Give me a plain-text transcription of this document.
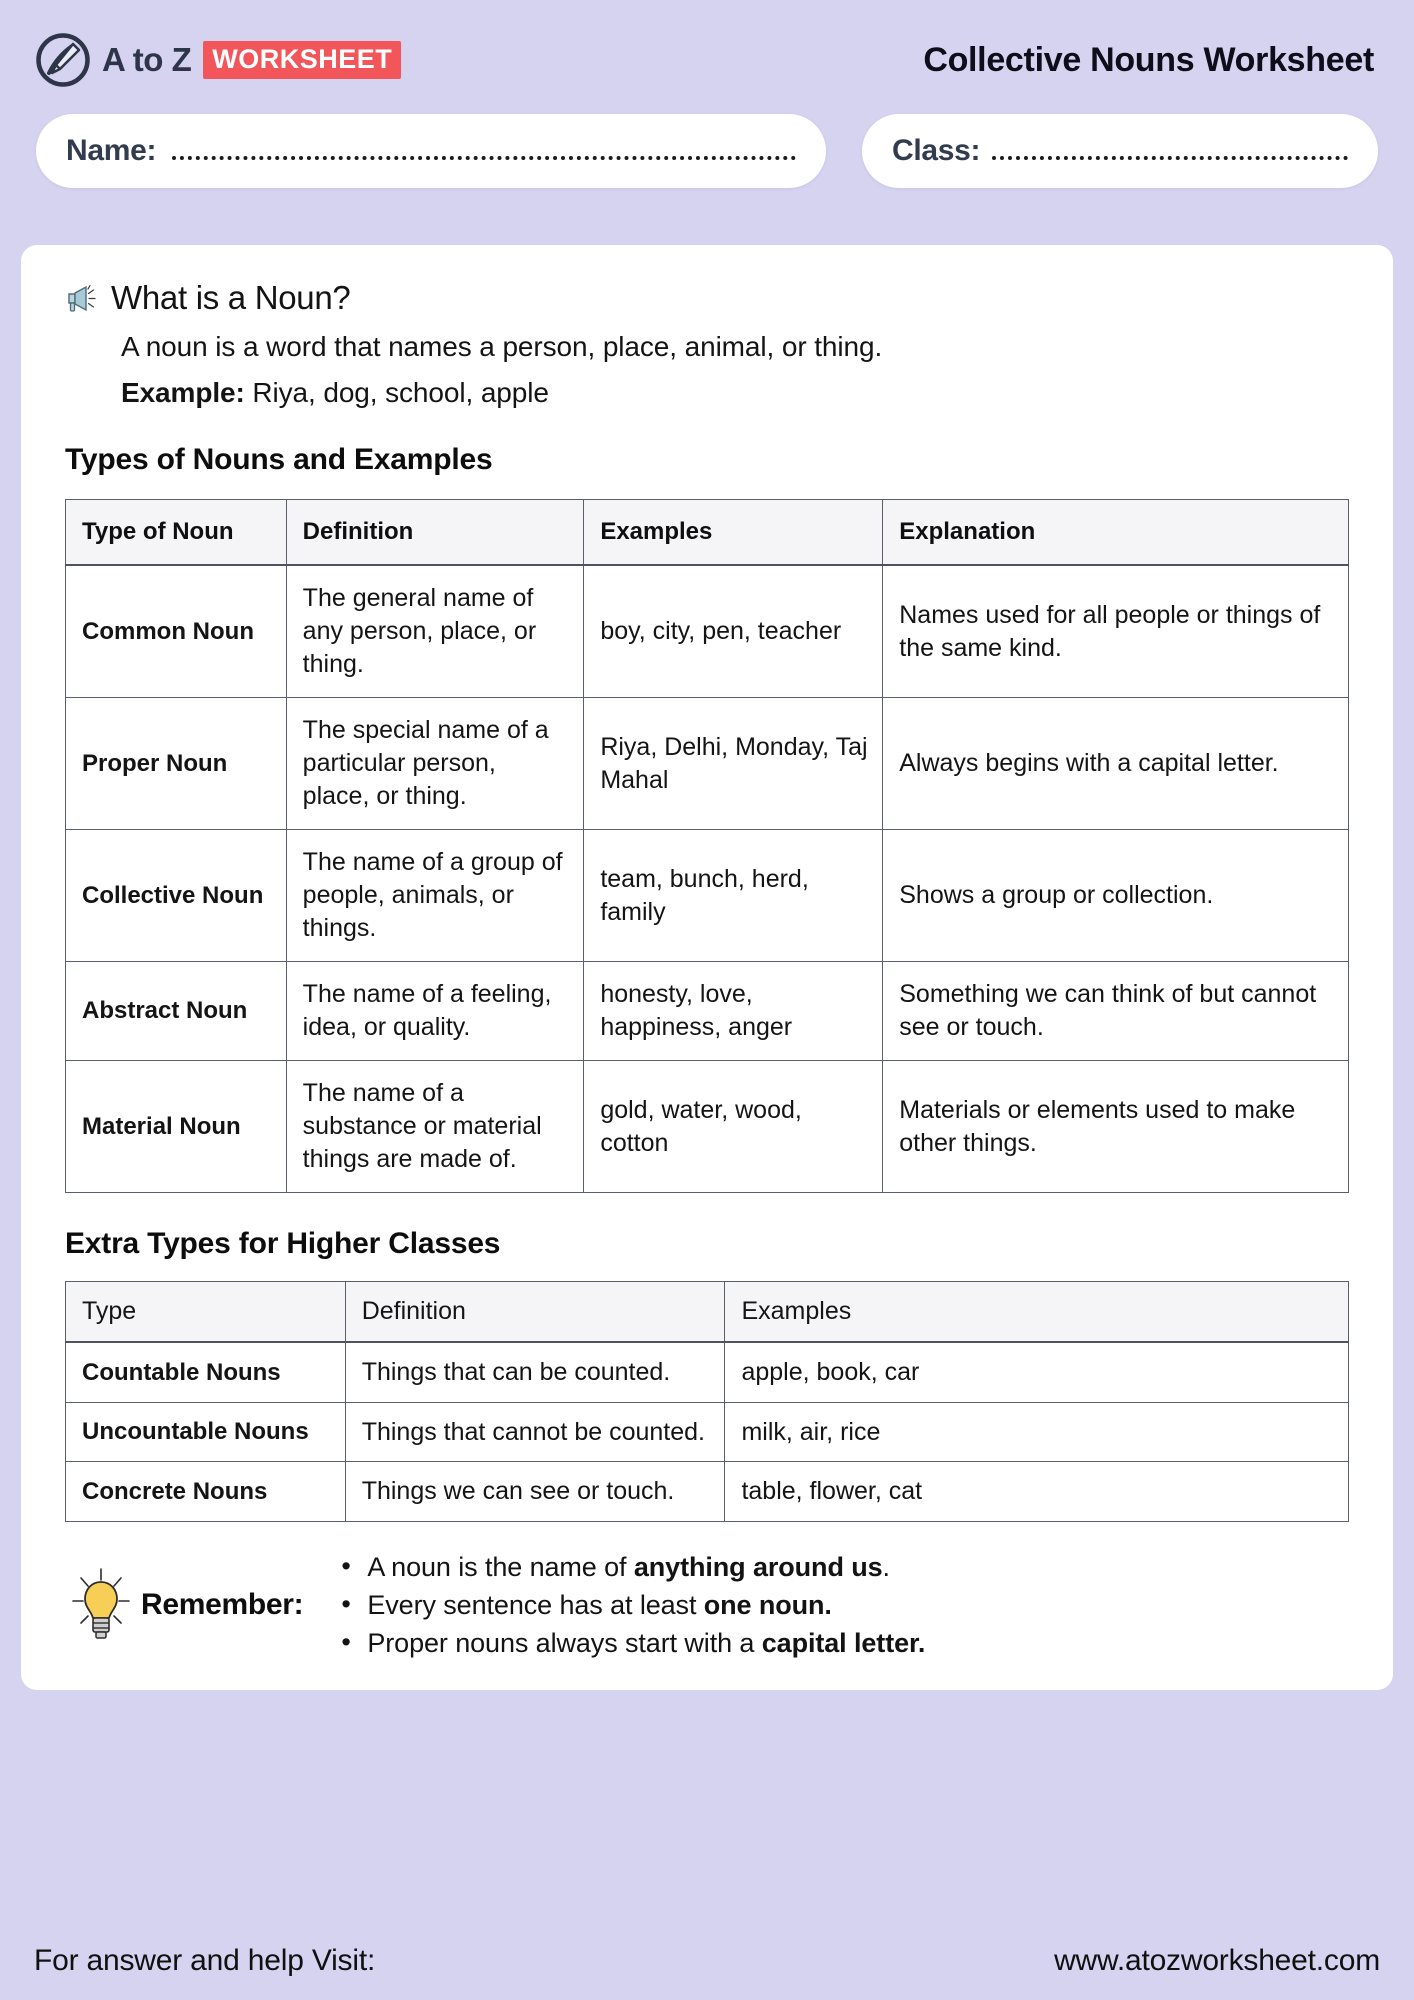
A to Z WORKSHEET	Collective Nouns Worksheet
Name:	Class:
What is a Noun?
A noun is a word that names a person, place, animal, or thing.
Example: Riya, dog, school, apple
Types of Nouns and Examples
Type of Noun	Definition	Examples	Explanation
Common Noun	The general name of any person, place, or thing.	boy, city, pen, teacher	Names used for all people or things of the same kind.
Proper Noun	The special name of a particular person, place, or thing.	Riya, Delhi, Monday, Taj Mahal	Always begins with a capital letter.
Collective Noun	The name of a group of people, animals, or things.	team, bunch, herd, family	Shows a group or collection.
Abstract Noun	The name of a feeling, idea, or quality.	honesty, love, happiness, anger	Something we can think of but cannot see or touch.
Material Noun	The name of a substance or material things are made of.	gold, water, wood, cotton	Materials or elements used to make other things.
Extra Types for Higher Classes
Type	Definition	Examples
Countable Nouns	Things that can be counted.	apple, book, car
Uncountable Nouns	Things that cannot be counted.	milk, air, rice
Concrete Nouns	Things we can see or touch.	table, flower, cat
Remember:
• A noun is the name of anything around us.
• Every sentence has at least one noun.
• Proper nouns always start with a capital letter.
For answer and help Visit:	www.atozworksheet.com
